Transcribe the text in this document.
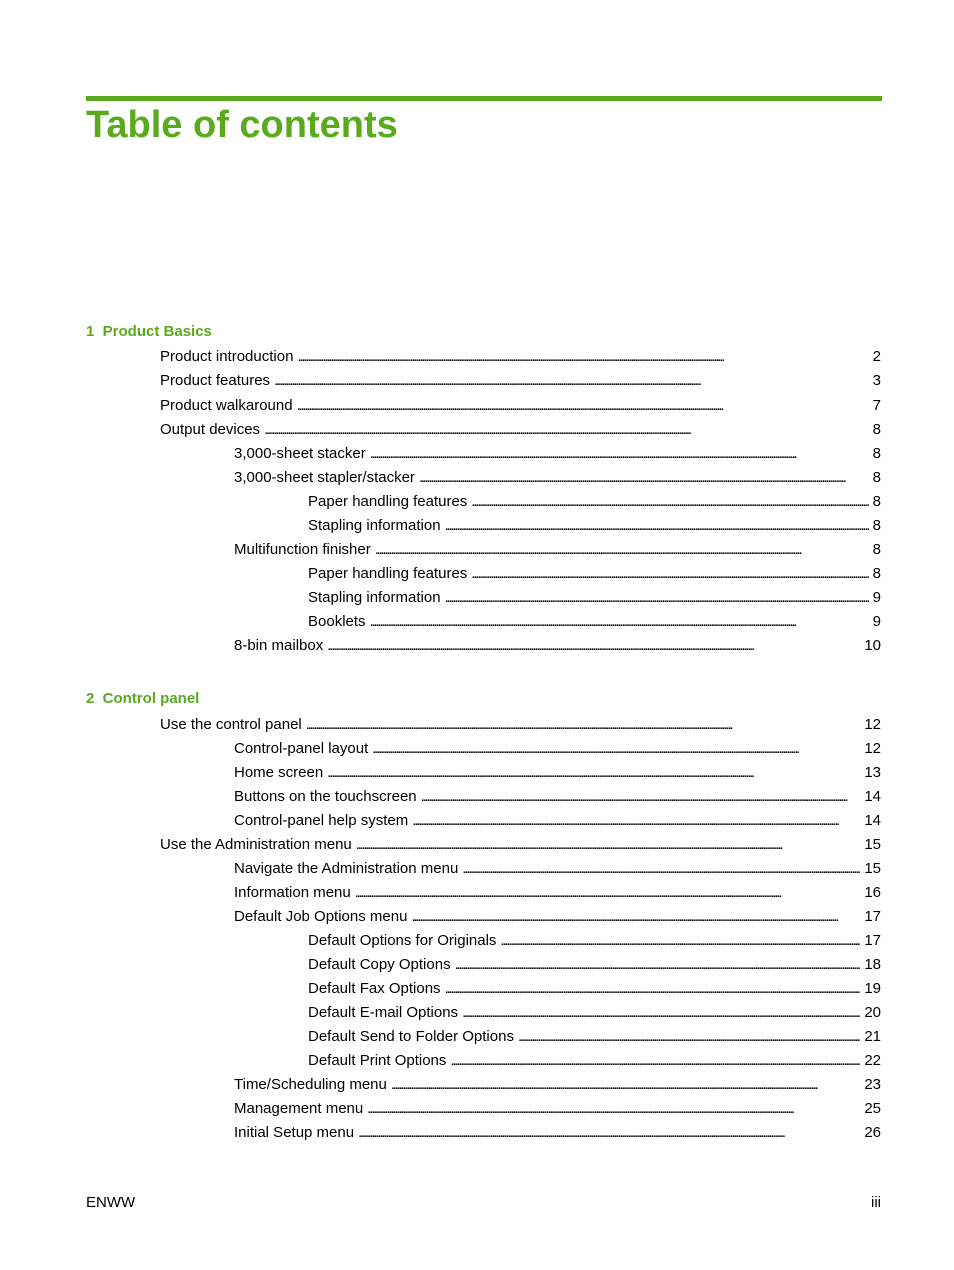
Table of contents
1  Product Basics
Product introduction . . .	2
Product features . . .	3
Product walkaround . . .	7
Output devices . . .	8
3,000-sheet stacker . . .	8
3,000-sheet stapler/stacker . . .	8
Paper handling features . . .	8
Stapling information . . .	8
Multifunction finisher . . .	8
Paper handling features . . .	8
Stapling information . . .	9
Booklets . . .	9
8-bin mailbox . . .	10
2  Control panel
Use the control panel . . .	12
Control-panel layout . . .	12
Home screen . . .	13
Buttons on the touchscreen . . .	14
Control-panel help system . . .	14
Use the Administration menu . . .	15
Navigate the Administration menu . . .	15
Information menu . . .	16
Default Job Options menu . . .	17
Default Options for Originals . . .	17
Default Copy Options . . .	18
Default Fax Options . . .	19
Default E-mail Options . . .	20
Default Send to Folder Options . . .	21
Default Print Options . . .	22
Time/Scheduling menu . . .	23
Management menu . . .	25
Initial Setup menu . . .	26
ENWW	iii
